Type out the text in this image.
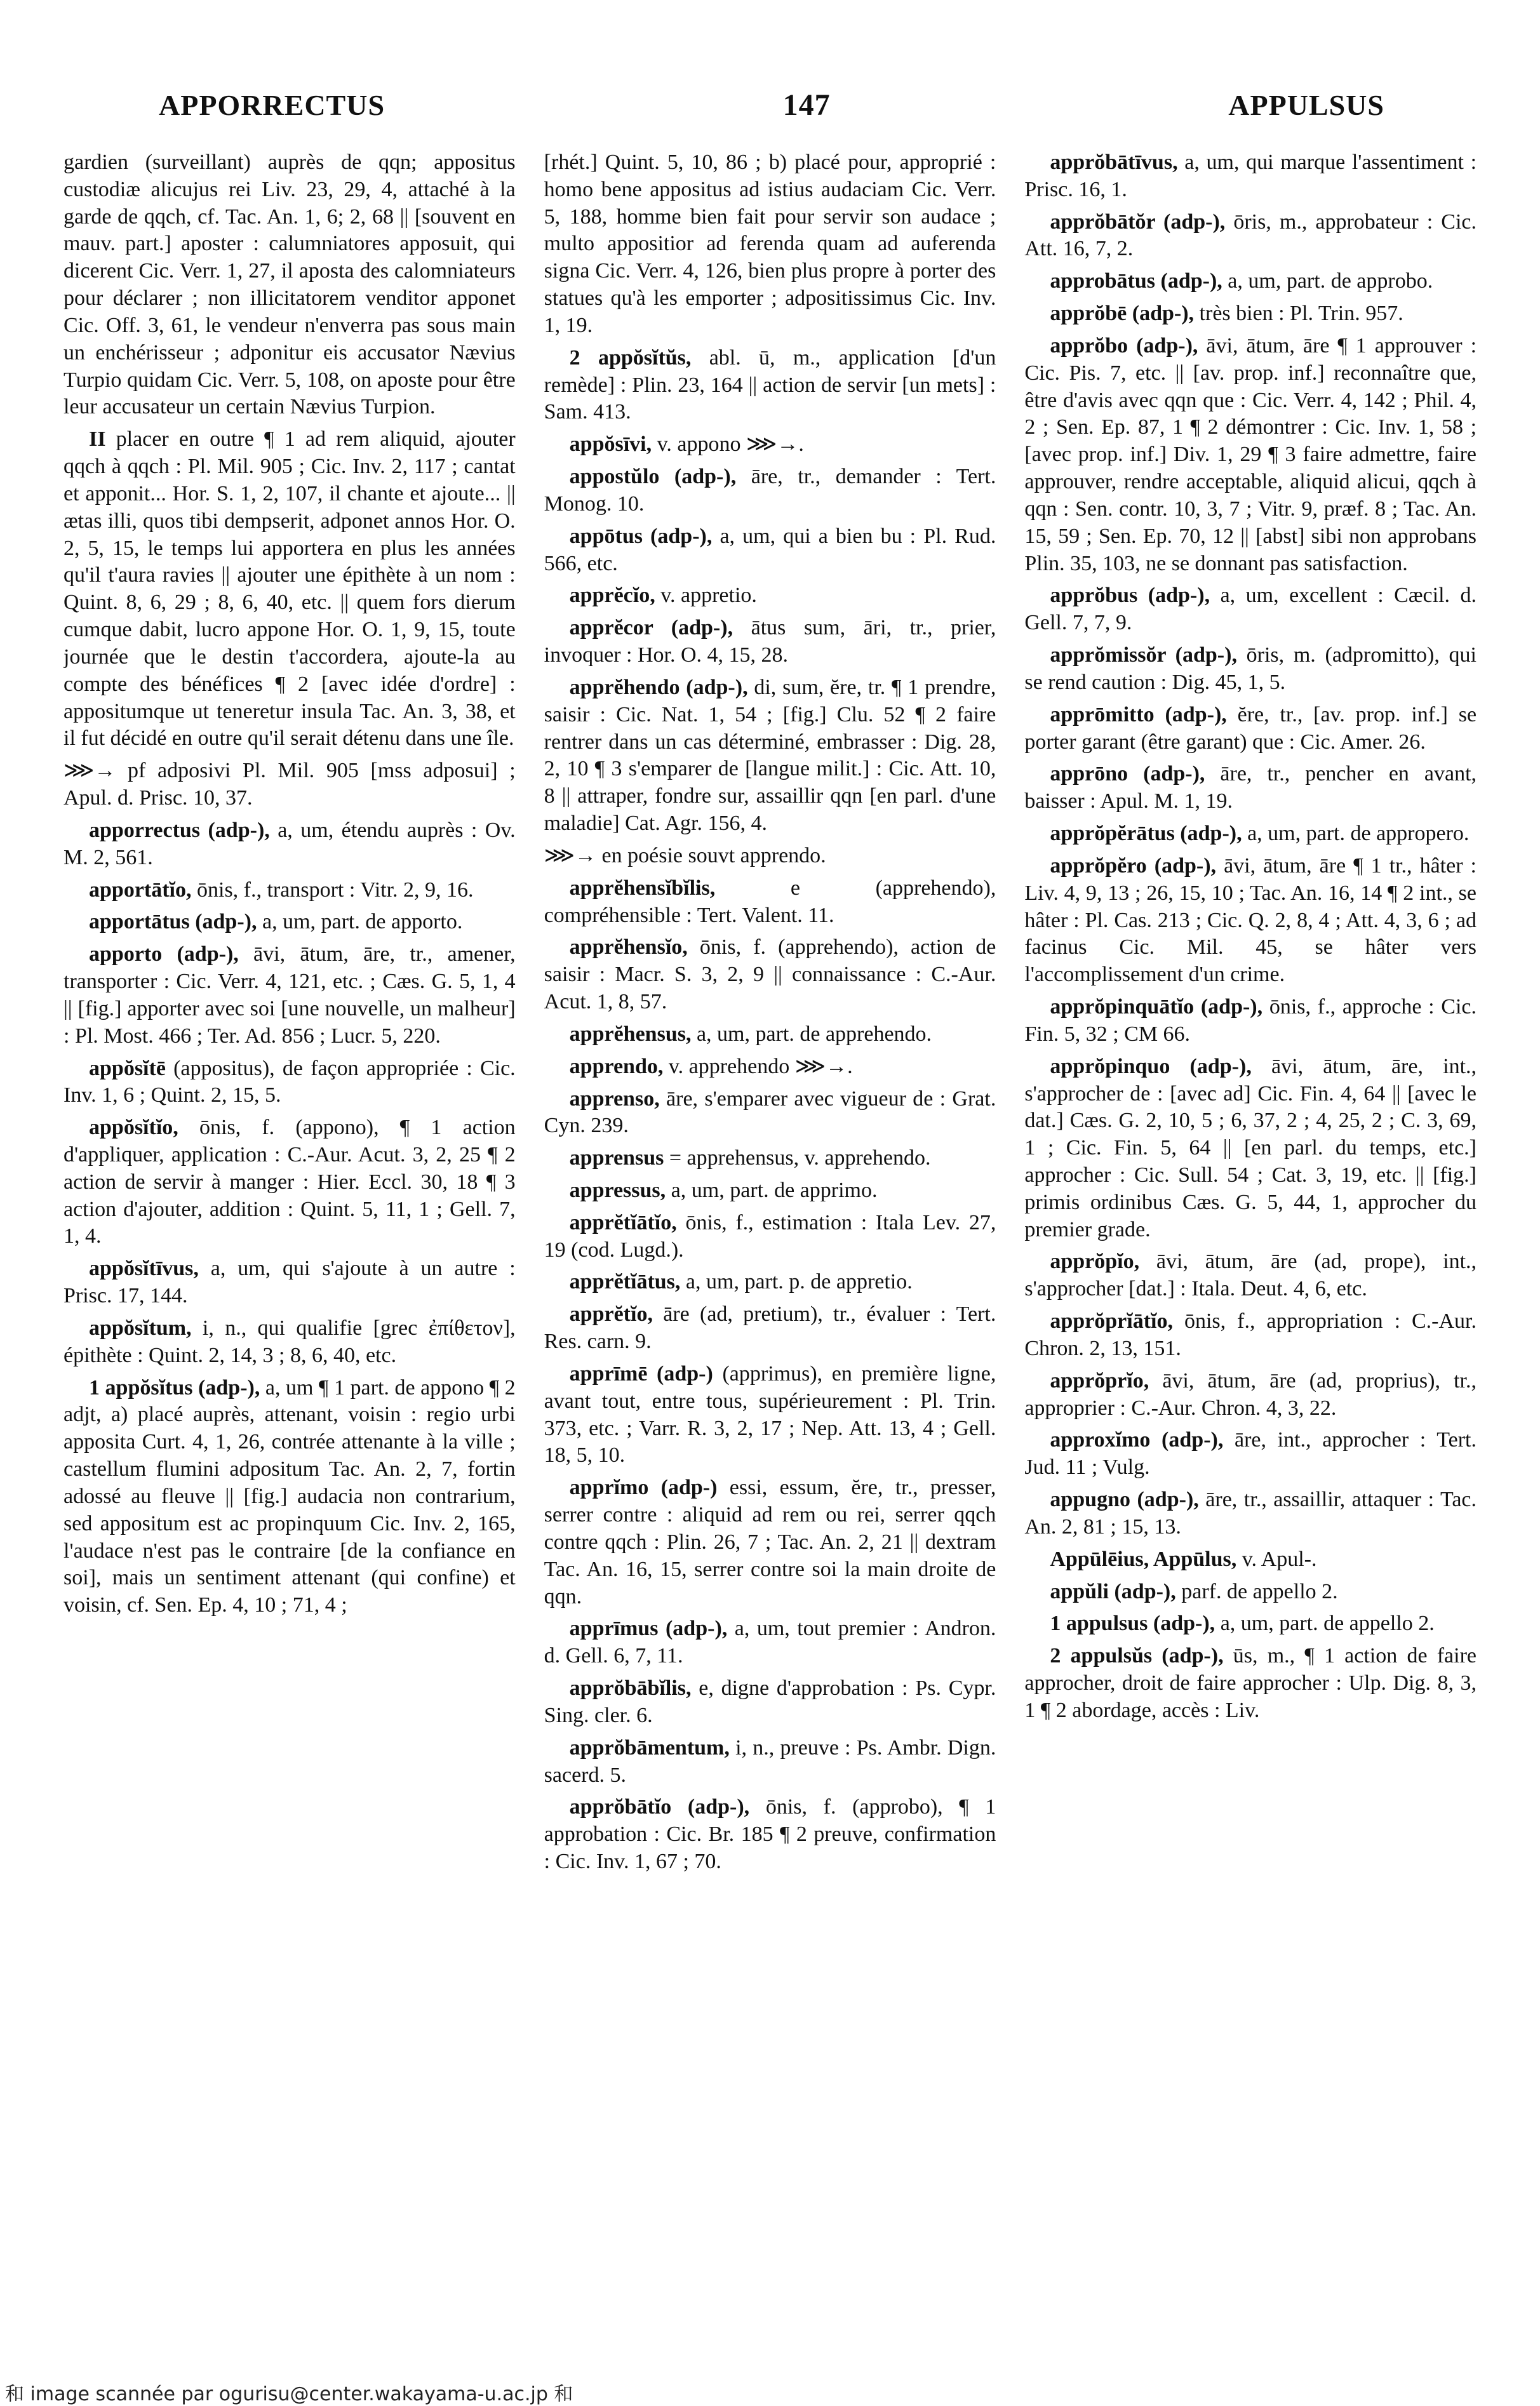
APPORRECTUS	147	APPULSUS

gardien (surveillant) auprès de qqn; appositus custodiæ alicujus rei Liv. 23, 29, 4, attaché à la garde de qqch, cf. Tac. An. 1, 6; 2, 68 || [souvent en mauv. part.] aposter : calumniatores apposuit, qui dicerent Cic. Verr. 1, 27, il aposta des calomniateurs pour déclarer ; non illicitatorem venditor apponet Cic. Off. 3, 61, le vendeur n'enverra pas sous main un enchérisseur ; adponitur eis accusator Nævius Turpio quidam Cic. Verr. 5, 108, on aposte pour être leur accusateur un certain Nævius Turpion.

II placer en outre ¶ 1 ad rem aliquid, ajouter qqch à qqch : Pl. Mil. 905 ; Cic. Inv. 2, 117 ; cantat et apponit... Hor. S. 1, 2, 107, il chante et ajoute... || ætas illi, quos tibi dempserit, adponet annos Hor. O. 2, 5, 15, le temps lui apportera en plus les années qu'il t'aura ravies || ajouter une épithète à un nom : Quint. 8, 6, 29 ; 8, 6, 40, etc. || quem fors dierum cumque dabit, lucro appone Hor. O. 1, 9, 15, toute journée que le destin t'accordera, ajoute-la au compte des bénéfices ¶ 2 [avec idée d'ordre] : appositumque ut teneretur insula Tac. An. 3, 38, et il fut décidé en outre qu'il serait détenu dans une île.

⋙→ pf adposivi Pl. Mil. 905 [mss adposui] ; Apul. d. Prisc. 10, 37.

apporrectus (adp-), a, um, étendu auprès : Ov. M. 2, 561.

apportātĭo, ōnis, f., transport : Vitr. 2, 9, 16.

apportātus (adp-), a, um, part. de apporto.

apporto (adp-), āvi, ātum, āre, tr., amener, transporter : Cic. Verr. 4, 121, etc. ; Cæs. G. 5, 1, 4 || [fig.] apporter avec soi [une nouvelle, un malheur] : Pl. Most. 466 ; Ter. Ad. 856 ; Lucr. 5, 220.

appŏsĭtē (appositus), de façon appropriée : Cic. Inv. 1, 6 ; Quint. 2, 15, 5.

appŏsĭtĭo, ōnis, f. (appono), ¶ 1 action d'appliquer, application : C.-Aur. Acut. 3, 2, 25 ¶ 2 action de servir à manger : Hier. Eccl. 30, 18 ¶ 3 action d'ajouter, addition : Quint. 5, 11, 1 ; Gell. 7, 1, 4.

appŏsĭtīvus, a, um, qui s'ajoute à un autre : Prisc. 17, 144.

appŏsĭtum, i, n., qui qualifie [grec ἐπίθετον], épithète : Quint. 2, 14, 3 ; 8, 6, 40, etc.

1 appŏsĭtus (adp-), a, um ¶ 1 part. de appono ¶ 2 adjt, a) placé auprès, attenant, voisin : regio urbi apposita Curt. 4, 1, 26, contrée attenante à la ville ; castellum flumini adpositum Tac. An. 2, 7, fortin adossé au fleuve || [fig.] audacia non contrarium, sed appositum est ac propinquum Cic. Inv. 2, 165, l'audace n'est pas le contraire [de la confiance en soi], mais un sentiment attenant (qui confine) et voisin, cf. Sen. Ep. 4, 10 ; 71, 4 ;

[rhét.] Quint. 5, 10, 86 ; b) placé pour, approprié : homo bene appositus ad istius audaciam Cic. Verr. 5, 188, homme bien fait pour servir son audace ; multo appositior ad ferenda quam ad auferenda signa Cic. Verr. 4, 126, bien plus propre à porter des statues qu'à les emporter ; adpositissimus Cic. Inv. 1, 19.

2 appŏsĭtŭs, abl. ū, m., application [d'un remède] : Plin. 23, 164 || action de servir [un mets] : Sam. 413.

appŏsīvi, v. appono ⋙→.

appostŭlo (adp-), āre, tr., demander : Tert. Monog. 10.

appōtus (adp-), a, um, qui a bien bu : Pl. Rud. 566, etc.

apprĕcĭo, v. appretio.

apprĕcor (adp-), ātus sum, āri, tr., prier, invoquer : Hor. O. 4, 15, 28.

apprĕhendo (adp-), di, sum, ĕre, tr. ¶ 1 prendre, saisir : Cic. Nat. 1, 54 ; [fig.] Clu. 52 ¶ 2 faire rentrer dans un cas déterminé, embrasser : Dig. 28, 2, 10 ¶ 3 s'emparer de [langue milit.] : Cic. Att. 10, 8 || attraper, fondre sur, assaillir qqn [en parl. d'une maladie] Cat. Agr. 156, 4.

⋙→ en poésie souvt apprendo.

apprĕhensĭbĭlis,	e (apprehendo), compréhensible : Tert. Valent. 11.

apprĕhensĭo, ōnis, f. (apprehendo), action de saisir : Macr. S. 3, 2, 9 || connaissance : C.-Aur. Acut. 1, 8, 57.

apprĕhensus, a, um, part. de apprehendo.

apprendo, v. apprehendo ⋙→.

apprenso, āre, s'emparer avec vigueur de : Grat. Cyn. 239.

apprensus = apprehensus, v. apprehendo.

appressus, a, um, part. de apprimo.

apprĕtĭātĭo, ōnis, f., estimation : Itala Lev. 27, 19 (cod. Lugd.).

apprĕtĭātus, a, um, part. p. de appretio.

apprĕtĭo, āre (ad, pretium), tr., évaluer : Tert. Res. carn. 9.

apprīmē (adp-) (apprimus), en première ligne, avant tout, entre tous, supérieurement : Pl. Trin. 373, etc. ; Varr. R. 3, 2, 17 ; Nep. Att. 13, 4 ; Gell. 18, 5, 10.

apprĭmo (adp-) essi, essum, ĕre, tr., presser, serrer contre : aliquid ad rem ou rei, serrer qqch contre qqch : Plin. 26, 7 ; Tac. An. 2, 21 || dextram Tac. An. 16, 15, serrer contre soi la main droite de qqn.

apprīmus (adp-), a, um, tout premier : Andron. d. Gell. 6, 7, 11.

apprŏbābĭlis, e, digne d'approbation : Ps. Cypr. Sing. cler. 6.

apprŏbāmentum, i, n., preuve : Ps. Ambr. Dign. sacerd. 5.

apprŏbātĭo (adp-), ōnis, f. (approbo), ¶ 1 approbation : Cic. Br. 185 ¶ 2 preuve, confirmation : Cic. Inv. 1, 67 ; 70.

apprŏbātīvus, a, um, qui marque l'assentiment : Prisc. 16, 1.

apprŏbātŏr (adp-), ōris, m., approbateur : Cic. Att. 16, 7, 2.

approbātus (adp-), a, um, part. de approbo.

apprŏbē (adp-), très bien : Pl. Trin. 957.

apprŏbo (adp-), āvi, ātum, āre ¶ 1 approuver : Cic. Pis. 7, etc. || [av. prop. inf.] reconnaître que, être d'avis avec qqn que : Cic. Verr. 4, 142 ; Phil. 4, 2 ; Sen. Ep. 87, 1 ¶ 2 démontrer : Cic. Inv. 1, 58 ; [avec prop. inf.] Div. 1, 29 ¶ 3 faire admettre, faire approuver, rendre acceptable, aliquid alicui, qqch à qqn : Sen. contr. 10, 3, 7 ; Vitr. 9, præf. 8 ; Tac. An. 15, 59 ; Sen. Ep. 70, 12 || [abst] sibi non approbans Plin. 35, 103, ne se donnant pas satisfaction.

apprŏbus (adp-), a, um, excellent : Cæcil. d. Gell. 7, 7, 9.

apprŏmissŏr (adp-), ōris, m. (adpromitto), qui se rend caution : Dig. 45, 1, 5.

apprōmitto (adp-), ĕre, tr., [av. prop. inf.] se porter garant (être garant) que : Cic. Amer. 26.

apprōno (adp-), āre, tr., pencher en avant, baisser : Apul. M. 1, 19.

apprŏpĕrātus (adp-), a, um, part. de appropero.

apprŏpĕro (adp-), āvi, ātum, āre ¶ 1 tr., hâter : Liv. 4, 9, 13 ; 26, 15, 10 ; Tac. An. 16, 14 ¶ 2 int., se hâter : Pl. Cas. 213 ; Cic. Q. 2, 8, 4 ; Att. 4, 3, 6 ; ad facinus Cic. Mil. 45, se hâter vers l'accomplissement d'un crime.

apprŏpinquātĭo (adp-), ōnis, f., approche : Cic. Fin. 5, 32 ; CM 66.

apprŏpinquo (adp-), āvi, ātum, āre, int., s'approcher de : [avec ad] Cic. Fin. 4, 64 || [avec le dat.] Cæs. G. 2, 10, 5 ; 6, 37, 2 ; 4, 25, 2 ; C. 3, 69, 1 ; Cic. Fin. 5, 64 || [en parl. du temps, etc.] approcher : Cic. Sull. 54 ; Cat. 3, 19, etc. || [fig.] primis ordinibus Cæs. G. 5, 44, 1, approcher du premier grade.

apprŏpĭo, āvi, ātum, āre (ad, prope), int., s'approcher [dat.] : Itala. Deut. 4, 6, etc.

apprŏprĭātĭo, ōnis, f., appropriation : C.-Aur. Chron. 2, 13, 151.

apprŏprĭo, āvi, ātum, āre (ad, proprius), tr., approprier : C.-Aur. Chron. 4, 3, 22.

approxĭmo (adp-), āre, int., approcher : Tert. Jud. 11 ; Vulg.

appugno (adp-), āre, tr., assaillir, attaquer : Tac. An. 2, 81 ; 15, 13.

Appūlēius, Appūlus, v. Apul-.

appŭli (adp-), parf. de appello 2.

1 appulsus (adp-), a, um, part. de appello 2.

2 appulsŭs (adp-), ūs, m., ¶ 1 action de faire approcher, droit de faire approcher : Ulp. Dig. 8, 3, 1 ¶ 2 abordage, accès : Liv.

和 image scannée par ogurisu@center.wakayama-u.ac.jp 和
